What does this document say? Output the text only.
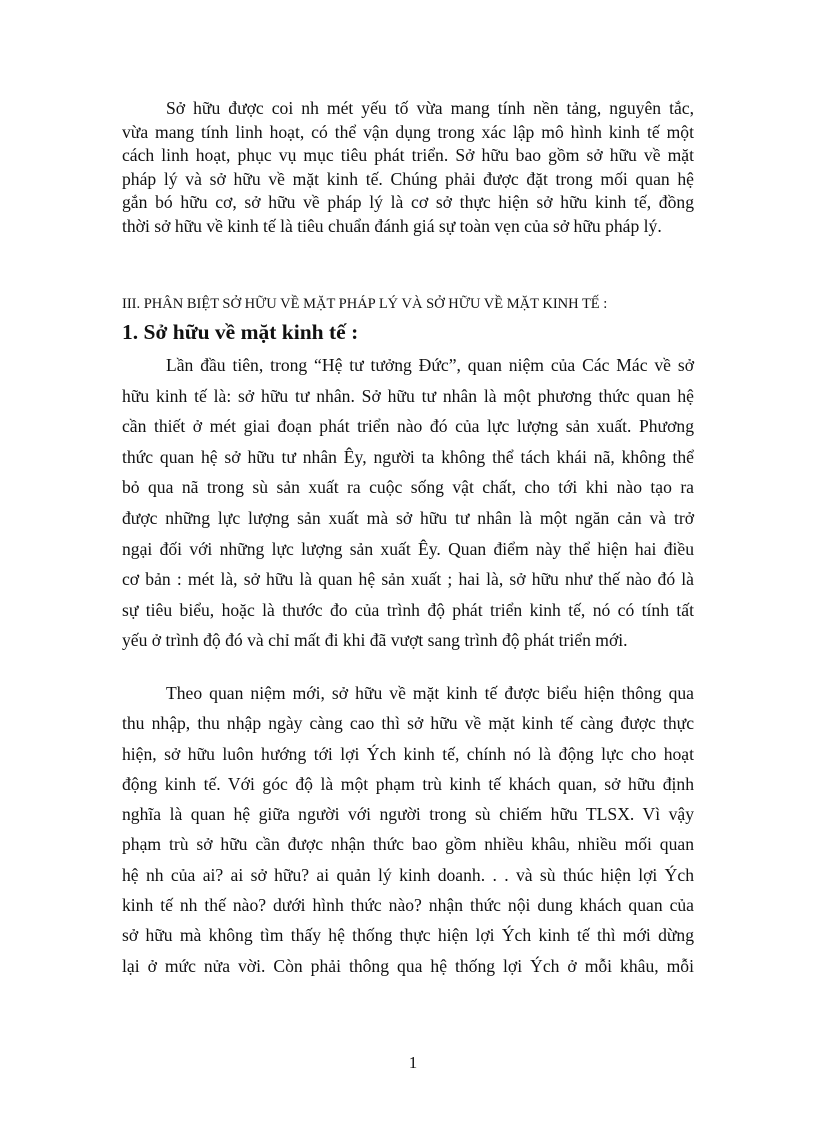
Sở hữu được coi nh mét yếu tố vừa mang tính nền tảng, nguyên tắc,
vừa mang tính linh hoạt, có thể vận dụng trong xác lập mô hình kinh tế một
cách linh hoạt, phục vụ mục tiêu phát triển. Sở hữu bao gồm sở hữu về mặt
pháp lý và sở hữu về mặt kinh tế. Chúng phải được đặt trong mối quan hệ
gắn bó hữu cơ, sở hữu về pháp lý là cơ sở thực hiện sở hữu kinh tế, đồng
thời sở hữu về kinh tế là tiêu chuẩn đánh giá sự toàn vẹn của sở hữu pháp lý.
III. PHÂN BIỆT SỞ HỮU VỀ MẶT PHÁP LÝ VÀ SỞ HỮU VỀ MẶT KINH TẾ :
1. Sở hữu về mặt kinh tế :
Lần đầu tiên, trong “Hệ tư tưởng Đức”, quan niệm của Các Mác về sở
hữu kinh tế là: sở hữu tư nhân. Sở hữu tư nhân là một phương thức quan hệ
cần thiết ở mét giai đoạn phát triển nào đó của lực lượng sản xuất. Phương
thức quan hệ sở hữu tư nhân Êy, người ta không thể tách khái nã, không thể
bỏ qua nã trong sù sản xuất ra cuộc sống vật chất, cho tới khi nào tạo ra
được những lực lượng sản xuất mà sở hữu tư nhân là một ngăn cản và trở
ngại đối với những lực lượng sản xuất Êy. Quan điểm này thể hiện hai điều
cơ bản : mét là, sở hữu là quan hệ sản xuất ; hai là, sở hữu như thế nào đó là
sự tiêu biểu, hoặc là thước đo của trình độ phát triển kinh tế, nó có tính tất
yếu ở trình độ đó và chỉ mất đi khi đã vượt sang trình độ phát triển mới.
Theo quan niệm mới, sở hữu về mặt kinh tế được biểu hiện thông qua
thu nhập, thu nhập ngày càng cao thì sở hữu về mặt kinh tế càng được thực
hiện, sở hữu luôn hướng tới lợi Ých kinh tế, chính nó là động lực cho hoạt
động kinh tế. Với góc độ là một phạm trù kinh tế khách quan, sở hữu định
nghĩa là quan hệ giữa người với người trong sù chiếm hữu TLSX. Vì vậy
phạm trù sở hữu cần được nhận thức bao gồm nhiều khâu, nhiều mối quan
hệ nh của ai? ai sở hữu? ai quản lý kinh doanh. . . và sù thúc hiện lợi Ých
kinh tế nh thế nào? dưới hình thức nào? nhận thức nội dung khách quan của
sở hữu mà không tìm thấy hệ thống thực hiện lợi Ých kinh tế thì mới dừng
lại ở mức nửa vời. Còn phải thông qua hệ thống lợi Ých ở mỗi khâu, mỗi
1
